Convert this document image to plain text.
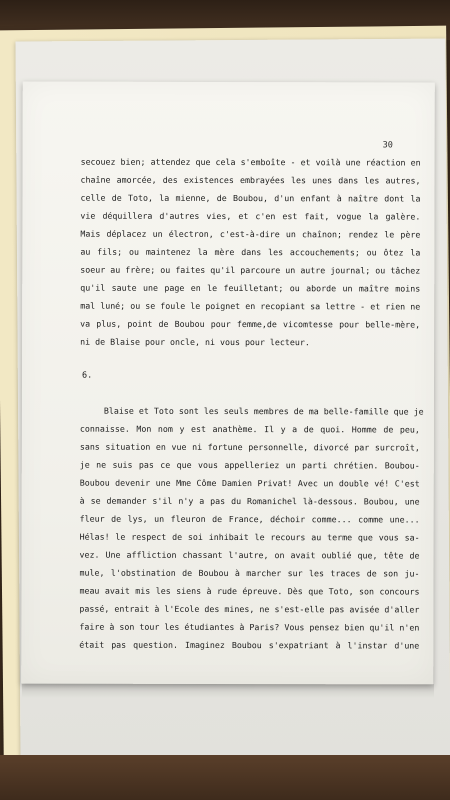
30
secouez bien; attendez que cela s'emboîte - et voilà une réaction en
chaîne amorcée, des existences embrayées les unes dans les autres,
celle de Toto, la mienne, de Boubou, d'un enfant à naître dont la
vie déquillera d'autres vies, et c'en est fait, vogue la galère.
Mais déplacez un électron, c'est-à-dire un chaînon; rendez le père
au fils; ou maintenez la mère dans les accouchements; ou ôtez la
soeur au frère; ou faites qu'il parcoure un autre journal; ou tâchez
qu'il saute une page en le feuilletant; ou aborde un maître moins
mal luné; ou se foule le poignet en recopiant sa lettre - et rien ne
va plus, point de Boubou pour femme,de vicomtesse pour belle-mère,
ni de Blaise pour oncle, ni vous pour lecteur.
6.
Blaise et Toto sont les seuls membres de ma belle-famille que je
connaisse. Mon nom y est anathème. Il y a de quoi. Homme de peu,
sans situation en vue ni fortune personnelle, divorcé par surcroît,
je ne suis pas ce que vous appelleriez un parti chrétien. Boubou-
Boubou devenir une Mme Côme Damien Privat! Avec un double vé! C'est
à se demander s'il n'y a pas du Romanichel là-dessous. Boubou, une
fleur de lys, un fleuron de France, déchoir comme... comme une...
Hélas! le respect de soi inhibait le recours au terme que vous sa-
vez. Une affliction chassant l'autre, on avait oublié que, tête de
mule, l'obstination de Boubou à marcher sur les traces de son ju-
meau avait mis les siens à rude épreuve. Dès que Toto, son concours
passé, entrait à l'Ecole des mines, ne s'est-elle pas avisée d'aller
faire à son tour les étudiantes à Paris? Vous pensez bien qu'il n'en
était pas question. Imaginez Boubou s'expatriant à l'instar d'une
